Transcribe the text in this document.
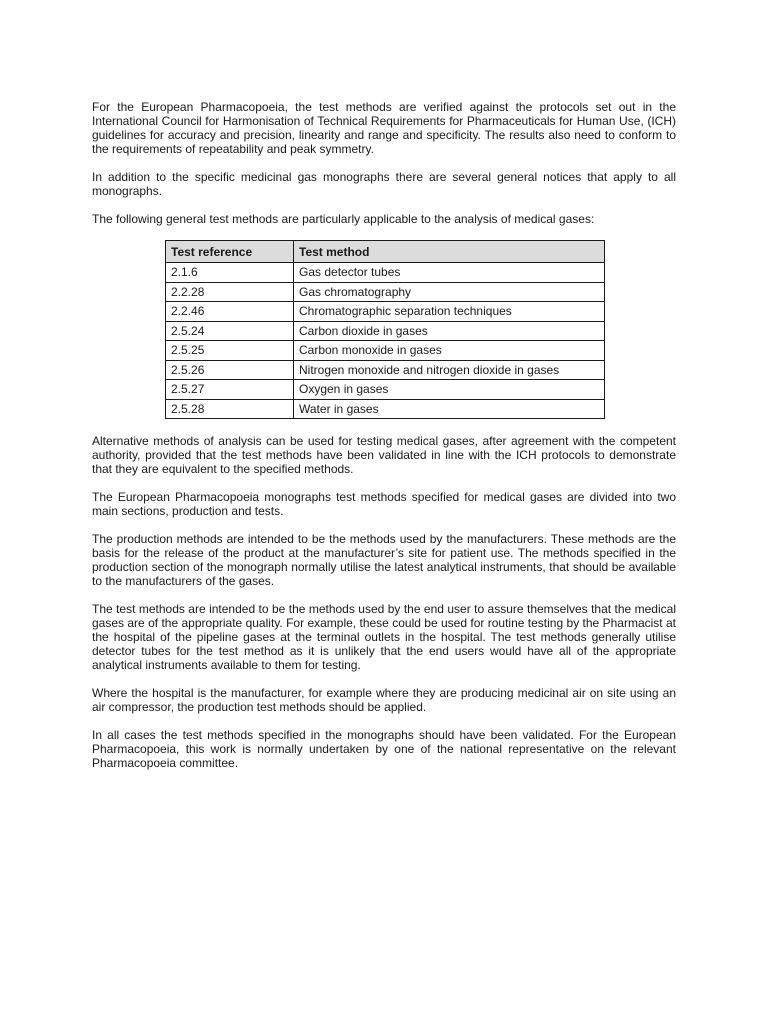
For the European Pharmacopoeia, the test methods are verified against the protocols set out in the International Council for Harmonisation of Technical Requirements for Pharmaceuticals for Human Use, (ICH) guidelines for accuracy and precision, linearity and range and specificity. The results also need to conform to the requirements of repeatability and peak symmetry.

In addition to the specific medicinal gas monographs there are several general notices that apply to all monographs.

The following general test methods are particularly applicable to the analysis of medical gases:

Test reference	Test method
2.1.6	Gas detector tubes
2.2.28	Gas chromatography
2.2.46	Chromatographic separation techniques
2.5.24	Carbon dioxide in gases
2.5.25	Carbon monoxide in gases
2.5.26	Nitrogen monoxide and nitrogen dioxide in gases
2.5.27	Oxygen in gases
2.5.28	Water in gases

Alternative methods of analysis can be used for testing medical gases, after agreement with the competent authority, provided that the test methods have been validated in line with the ICH protocols to demonstrate that they are equivalent to the specified methods.

The European Pharmacopoeia monographs test methods specified for medical gases are divided into two main sections, production and tests.

The production methods are intended to be the methods used by the manufacturers. These methods are the basis for the release of the product at the manufacturer’s site for patient use. The methods specified in the production section of the monograph normally utilise the latest analytical instruments, that should be available to the manufacturers of the gases.

The test methods are intended to be the methods used by the end user to assure themselves that the medical gases are of the appropriate quality. For example, these could be used for routine testing by the Pharmacist at the hospital of the pipeline gases at the terminal outlets in the hospital. The test methods generally utilise detector tubes for the test method as it is unlikely that the end users would have all of the appropriate analytical instruments available to them for testing.

Where the hospital is the manufacturer, for example where they are producing medicinal air on site using an air compressor, the production test methods should be applied.

In all cases the test methods specified in the monographs should have been validated. For the European Pharmacopoeia, this work is normally undertaken by one of the national representative on the relevant Pharmacopoeia committee.
